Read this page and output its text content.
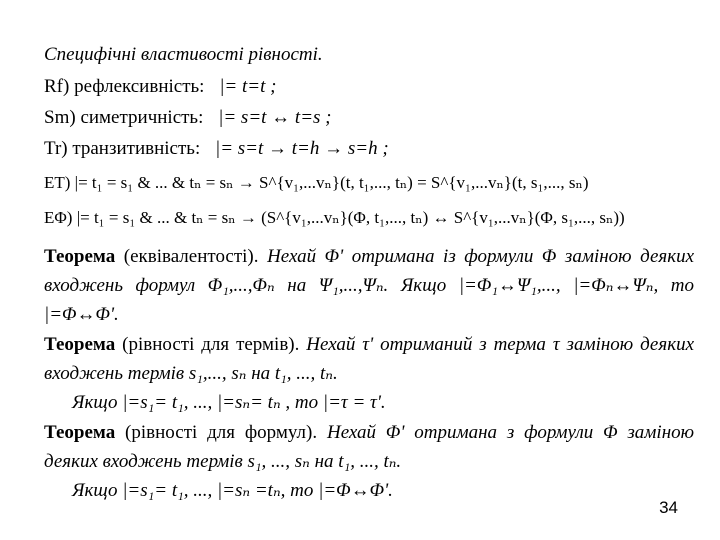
Специфічні властивості рівності.
Rf) рефлексивність: |= t=t ;
Sm) симетричність: |= s=t ↔ t=s ;
Tr) транзитивність: |= s=t → t=h → s=h ;
ET) |= t₁ = s₁ & ... & tₙ = sₙ → S^{v₁,...vₙ}(t, t₁,..., tₙ) = S^{v₁,...vₙ}(t, s₁,..., sₙ)
EΦ) |= t₁ = s₁ & ... & tₙ = sₙ → (S^{v₁,...vₙ}(Φ, t₁,..., tₙ) ↔ S^{v₁,...vₙ}(Φ, s₁,..., sₙ))
Теорема (еквівалентості). Нехай Φ' отримана із формули Φ заміною деяких входжень формул Φ₁,...,Φₙ на Ψ₁,...,Ψₙ. Якщо |=Φ₁↔Ψ₁,..., |=Φₙ↔Ψₙ, то |=Φ↔Φ'.
Теорема (рівності для термів). Нехай τ' отриманий з терма τ заміною деяких входжень термів s₁,..., sₙ на t₁, ..., tₙ.
Якщо |=s₁= t₁, ..., |=sₙ= tₙ , то |=τ = τ'.
Теорема (рівності для формул). Нехай Φ' отримана з формули Φ заміною деяких входжень термів s₁, ..., sₙ на t₁, ..., tₙ.
Якщо |=s₁= t₁, ..., |=sₙ =tₙ, то |=Φ↔Φ'.
34
